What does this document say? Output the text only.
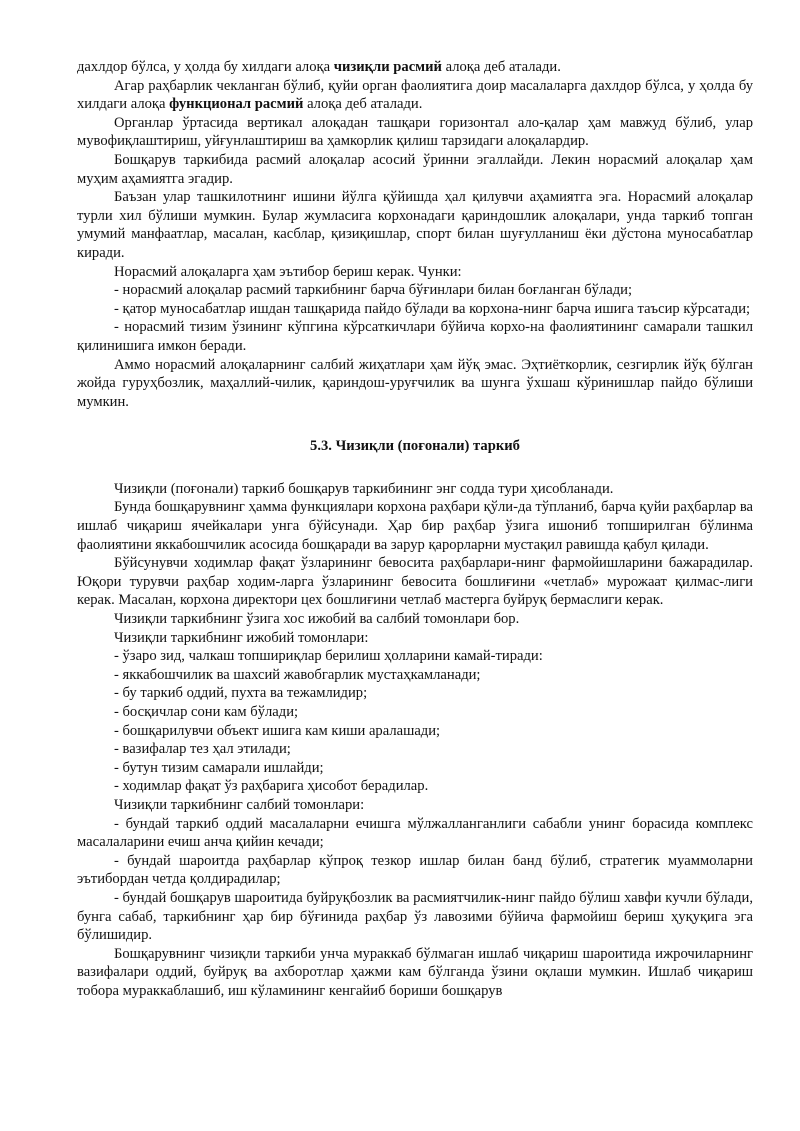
дахлдор бўлса, у ҳолда бу хилдаги алоқа чизиқли расмий алоқа деб аталади.

Агар раҳбарлик чекланган бўлиб, қуйи орган фаолиятига доир масалаларга дахлдор бўлса, у ҳолда бу хилдаги алоқа функционал расмий алоқа деб аталади.

Органлар ўртасида вертикал алоқадан ташқари горизонтал ало-қалар ҳам мавжуд бўлиб, улар мувофиқлаштириш, уйғунлаштириш ва ҳамкорлик қилиш тарзидаги алоқалардир.

Бошқарув таркибида расмий алоқалар асосий ўринни эгаллайди. Лекин норасмий алоқалар ҳам муҳим аҳамиятга эгадир.

Баъзан улар ташкилотнинг ишини йўлга қўйишда ҳал қилувчи аҳамиятга эга. Норасмий алоқалар турли хил бўлиши мумкин. Булар жумласига корхонадаги қариндошлик алоқалари, унда таркиб топган умумий манфаатлар, масалан, касблар, қизиқишлар, спорт билан шуғулланиш ёки дўстона муносабатлар киради.

Норасмий алоқаларга ҳам эътибор бериш керак. Чунки:

- норасмий алоқалар расмий таркибнинг барча бўғинлари билан боғланган бўлади;

- қатор муносабатлар ишдан ташқарида пайдо бўлади ва корхона-нинг барча ишига таъсир кўрсатади;

- норасмий тизим ўзининг кўпгина кўрсаткичлари бўйича корхо-на фаолиятининг самарали ташкил қилинишига имкон беради.

Аммо норасмий алоқаларнинг салбий жиҳатлари ҳам йўқ эмас. Эҳтиёткорлик, сезгирлик йўқ бўлган жойда гуруҳбозлик, маҳаллий-чилик, қариндош-уруғчилик ва шунга ўхшаш кўринишлар пайдо бўлиши мумкин.

5.3. Чизиқли (поғонали) таркиб

Чизиқли (поғонали) таркиб бошқарув таркибининг энг содда тури ҳисобланади.

Бунда бошқарувнинг ҳамма функциялари корхона раҳбари қўли-да тўпланиб, барча қуйи раҳбарлар ва ишлаб чиқариш ячейкалари унга бўйсунади. Ҳар бир раҳбар ўзига ишониб топширилган бўлинма фаолиятини яккабошчилик асосида бошқаради ва зарур қарорларни мустақил равишда қабул қилади.

Бўйсунувчи ходимлар фақат ўзларининг бевосита раҳбарлари-нинг фармойишларини бажарадилар. Юқори турувчи раҳбар ходим-ларга ўзларининг бевосита бошлиғини «четлаб» мурожаат қилмас-лиги керак. Масалан, корхона директори цех бошлиғини четлаб мастерга буйруқ бермаслиги керак.

Чизиқли таркибнинг ўзига хос ижобий ва салбий томонлари бор.

Чизиқли таркибнинг ижобий томонлари:

- ўзаро зид, чалкаш топшириқлар берилиш ҳолларини камай-тиради:

- яккабошчилик ва шахсий жавобгарлик мустаҳкамланади;

- бу таркиб оддий, пухта ва тежамлидир;

- босқичлар сони кам бўлади;

- бошқарилувчи объект ишига кам киши аралашади;

- вазифалар тез ҳал этилади;

- бутун тизим самарали ишлайди;

- ходимлар фақат ўз раҳбарига ҳисобот берадилар.

Чизиқли таркибнинг салбий томонлари:

- бундай таркиб оддий масалаларни ечишга мўлжалланганлиги сабабли унинг борасида комплекс масалаларини ечиш анча қийин кечади;

- бундай шароитда раҳбарлар кўпроқ тезкор ишлар билан банд бўлиб, стратегик муаммоларни эътибордан четда қолдирадилар;

- бундай бошқарув шароитида буйруқбозлик ва расмиятчилик-нинг пайдо бўлиш хавфи кучли бўлади, бунга сабаб, таркибнинг ҳар бир бўғинида раҳбар ўз лавозими бўйича фармойиш бериш ҳуқуқига эга бўлишидир.

Бошқарувнинг чизиқли таркиби унча мураккаб бўлмаган ишлаб чиқариш шароитида ижрочиларнинг вазифалари оддий, буйруқ ва ахборотлар ҳажми кам бўлганда ўзини оқлаши мумкин. Ишлаб чиқариш тобора мураккаблашиб, иш кўламининг кенгайиб бориши бошқарув
